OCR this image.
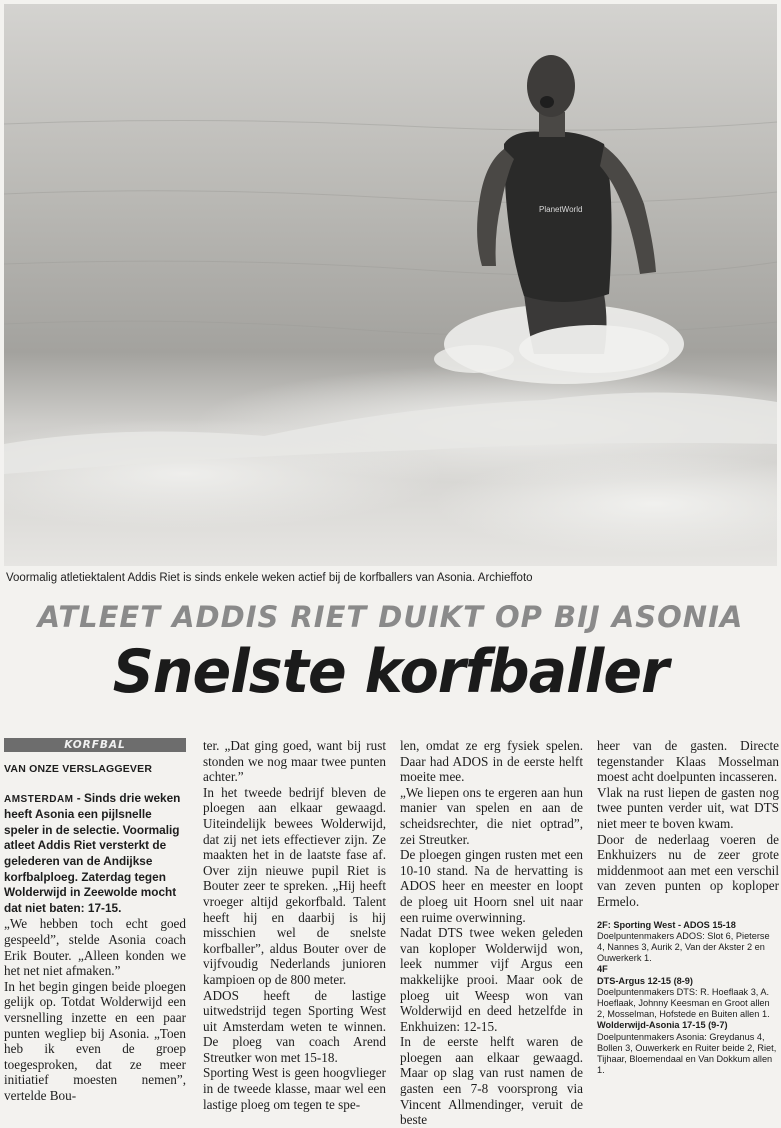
PlanetWorld
Voormalig atletiektalent Addis Riet is sinds enkele weken actief bij de korfballers van Asonia. Archieffoto
ATLEET ADDIS RIET DUIKT OP BIJ ASONIA
Snelste korfballer
KORFBAL
VAN ONZE VERSLAGGEVER

AMSTERDAM - Sinds drie weken heeft Asonia een pijlsnelle speler in de selectie. Voormalig atleet Addis Riet versterkt de gelederen van de Andijkse korfbalploeg. Zaterdag tegen Wolderwijd in Zeewolde mocht dat niet baten: 17-15.

„We hebben toch echt goed gespeeld”, stelde Asonia coach Erik Bouter. „Alleen konden we het net niet afmaken.”

In het begin gingen beide ploegen gelijk op. Totdat Wolderwijd een versnelling inzette en een paar punten wegliep bij Asonia. „Toen heb ik even de groep toegesproken, dat ze meer initiatief moesten nemen”, vertelde Bou-

ter. „Dat ging goed, want bij rust stonden we nog maar twee punten achter.”

In het tweede bedrijf bleven de ploegen aan elkaar gewaagd. Uiteindelijk bewees Wolderwijd, dat zij net iets effectiever zijn. Ze maakten het in de laatste fase af. Over zijn nieuwe pupil Riet is Bouter zeer te spreken. „Hij heeft vroeger altijd gekorfbald. Talent heeft hij en daarbij is hij misschien wel de snelste korfballer”, aldus Bouter over de vijfvoudig Nederlands junioren kampioen op de 800 meter.

ADOS heeft de lastige uitwedstrijd tegen Sporting West uit Amsterdam weten te winnen. De ploeg van coach Arend Streutker won met 15-18.

Sporting West is geen hoogvlieger in de tweede klasse, maar wel een lastige ploeg om tegen te spe-

len, omdat ze erg fysiek spelen. Daar had ADOS in de eerste helft moeite mee.

„We liepen ons te ergeren aan hun manier van spelen en aan de scheidsrechter, die niet optrad”, zei Streutker.

De ploegen gingen rusten met een 10-10 stand. Na de hervatting is ADOS heer en meester en loopt de ploeg uit Hoorn snel uit naar een ruime overwinning.

Nadat DTS twee weken geleden van koploper Wolderwijd won, leek nummer vijf Argus een makkelijke prooi. Maar ook de ploeg uit Weesp won van Wolderwijd en deed hetzelfde in Enkhuizen: 12-15.

In de eerste helft waren de ploegen aan elkaar gewaagd. Maar op slag van rust namen de gasten een 7-8 voorsprong via Vincent Allmendinger, veruit de beste

heer van de gasten. Directe tegenstander Klaas Mosselman moest acht doelpunten incasseren.

Vlak na rust liepen de gasten nog twee punten verder uit, wat DTS niet meer te boven kwam.

Door de nederlaag voeren de Enkhuizers nu de zeer grote middenmoot aan met een verschil van zeven punten op koploper Ermelo.

2F: Sporting West - ADOS 15-18
Doelpuntenmakers ADOS: Slot 6, Pieterse 4, Nannes 3, Aurik 2, Van der Akster 2 en Ouwerkerk 1.
4F
DTS-Argus 12-15 (8-9)
Doelpuntenmakers DTS: R. Hoeflaak 3, A. Hoeflaak, Johnny Keesman en Groot allen 2, Mosselman, Hofstede en Buiten allen 1.
Wolderwijd-Asonia 17-15 (9-7)
Doelpuntenmakers Asonia: Greydanus 4, Bollen 3, Ouwerkerk en Ruiter beide 2, Riet, Tijhaar, Bloemendaal en Van Dokkum allen 1.
